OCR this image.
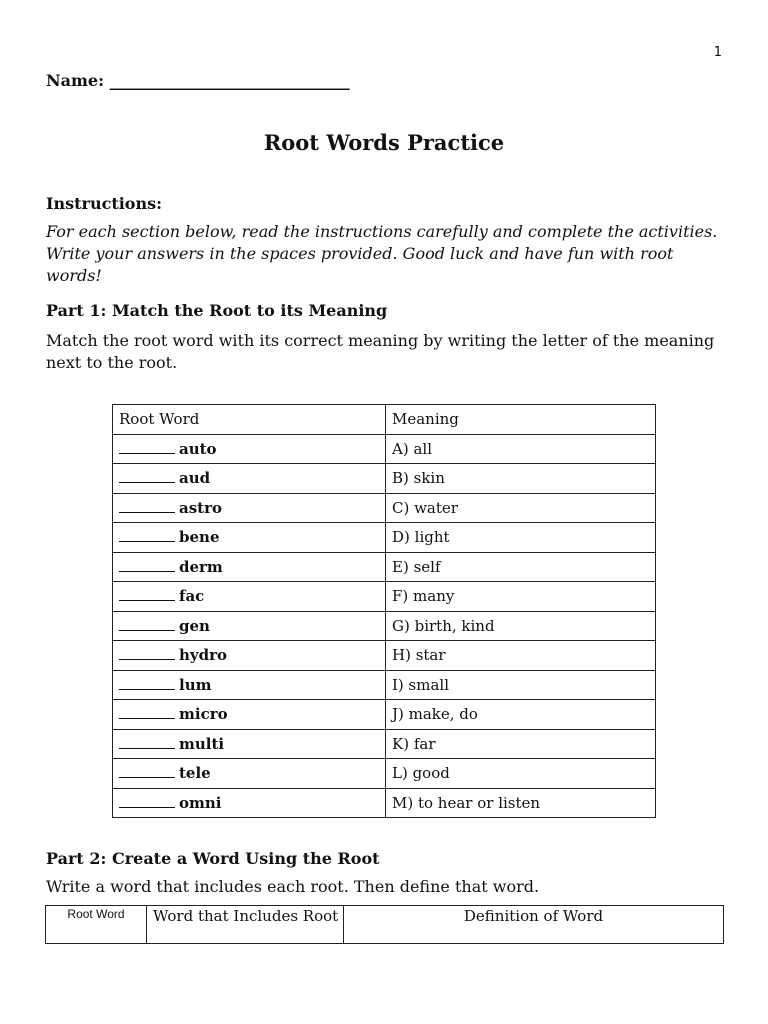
1
Name: ______________________________
Root Words Practice
Instructions:
For each section below, read the instructions carefully and complete the activities. Write your answers in the spaces provided. Good luck and have fun with root words!
Part 1: Match the Root to its Meaning
Match the root word with its correct meaning by writing the letter of the meaning next to the root.
Root Word	Meaning
auto	A) all
aud	B) skin
astro	C) water
bene	D) light
derm	E) self
fac	F) many
gen	G) birth, kind
hydro	H) star
lum	I) small
micro	J) make, do
multi	K) far
tele	L) good
omni	M) to hear or listen
Part 2: Create a Word Using the Root
Write a word that includes each root. Then define that word.
Root Word	Word that Includes Root	Definition of Word
